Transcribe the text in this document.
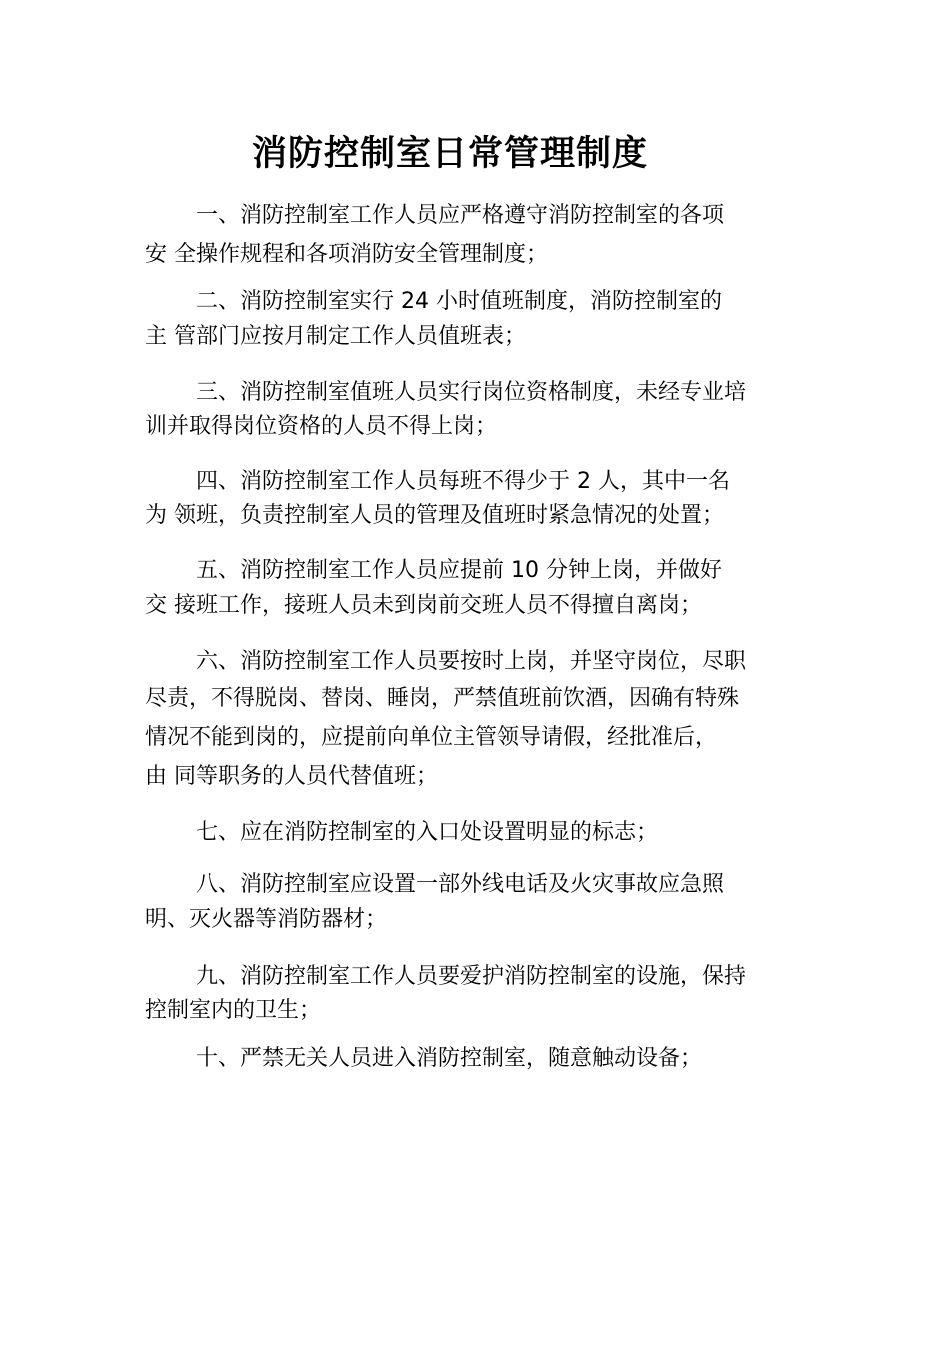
消防控制室日常管理制度
一、消防控制室工作人员应严格遵守消防控制室的各项
安 全操作规程和各项消防安全管理制度；
二、消防控制室实行 24 小时值班制度，消防控制室的
主 管部门应按月制定工作人员值班表；
三、消防控制室值班人员实行岗位资格制度，未经专业培
训并取得岗位资格的人员不得上岗；
四、消防控制室工作人员每班不得少于 2 人，其中一名
为 领班，负责控制室人员的管理及值班时紧急情况的处置；
五、消防控制室工作人员应提前 10 分钟上岗，并做好
交 接班工作，接班人员未到岗前交班人员不得擅自离岗；
六、消防控制室工作人员要按时上岗，并坚守岗位，尽职
尽责，不得脱岗、替岗、睡岗，严禁值班前饮酒，因确有特殊
情况不能到岗的，应提前向单位主管领导请假，经批准后，
由 同等职务的人员代替值班；
七、应在消防控制室的入口处设置明显的标志；
八、消防控制室应设置一部外线电话及火灾事故应急照
明、灭火器等消防器材；
九、消防控制室工作人员要爱护消防控制室的设施，保持
控制室内的卫生；
十、严禁无关人员进入消防控制室，随意触动设备；
